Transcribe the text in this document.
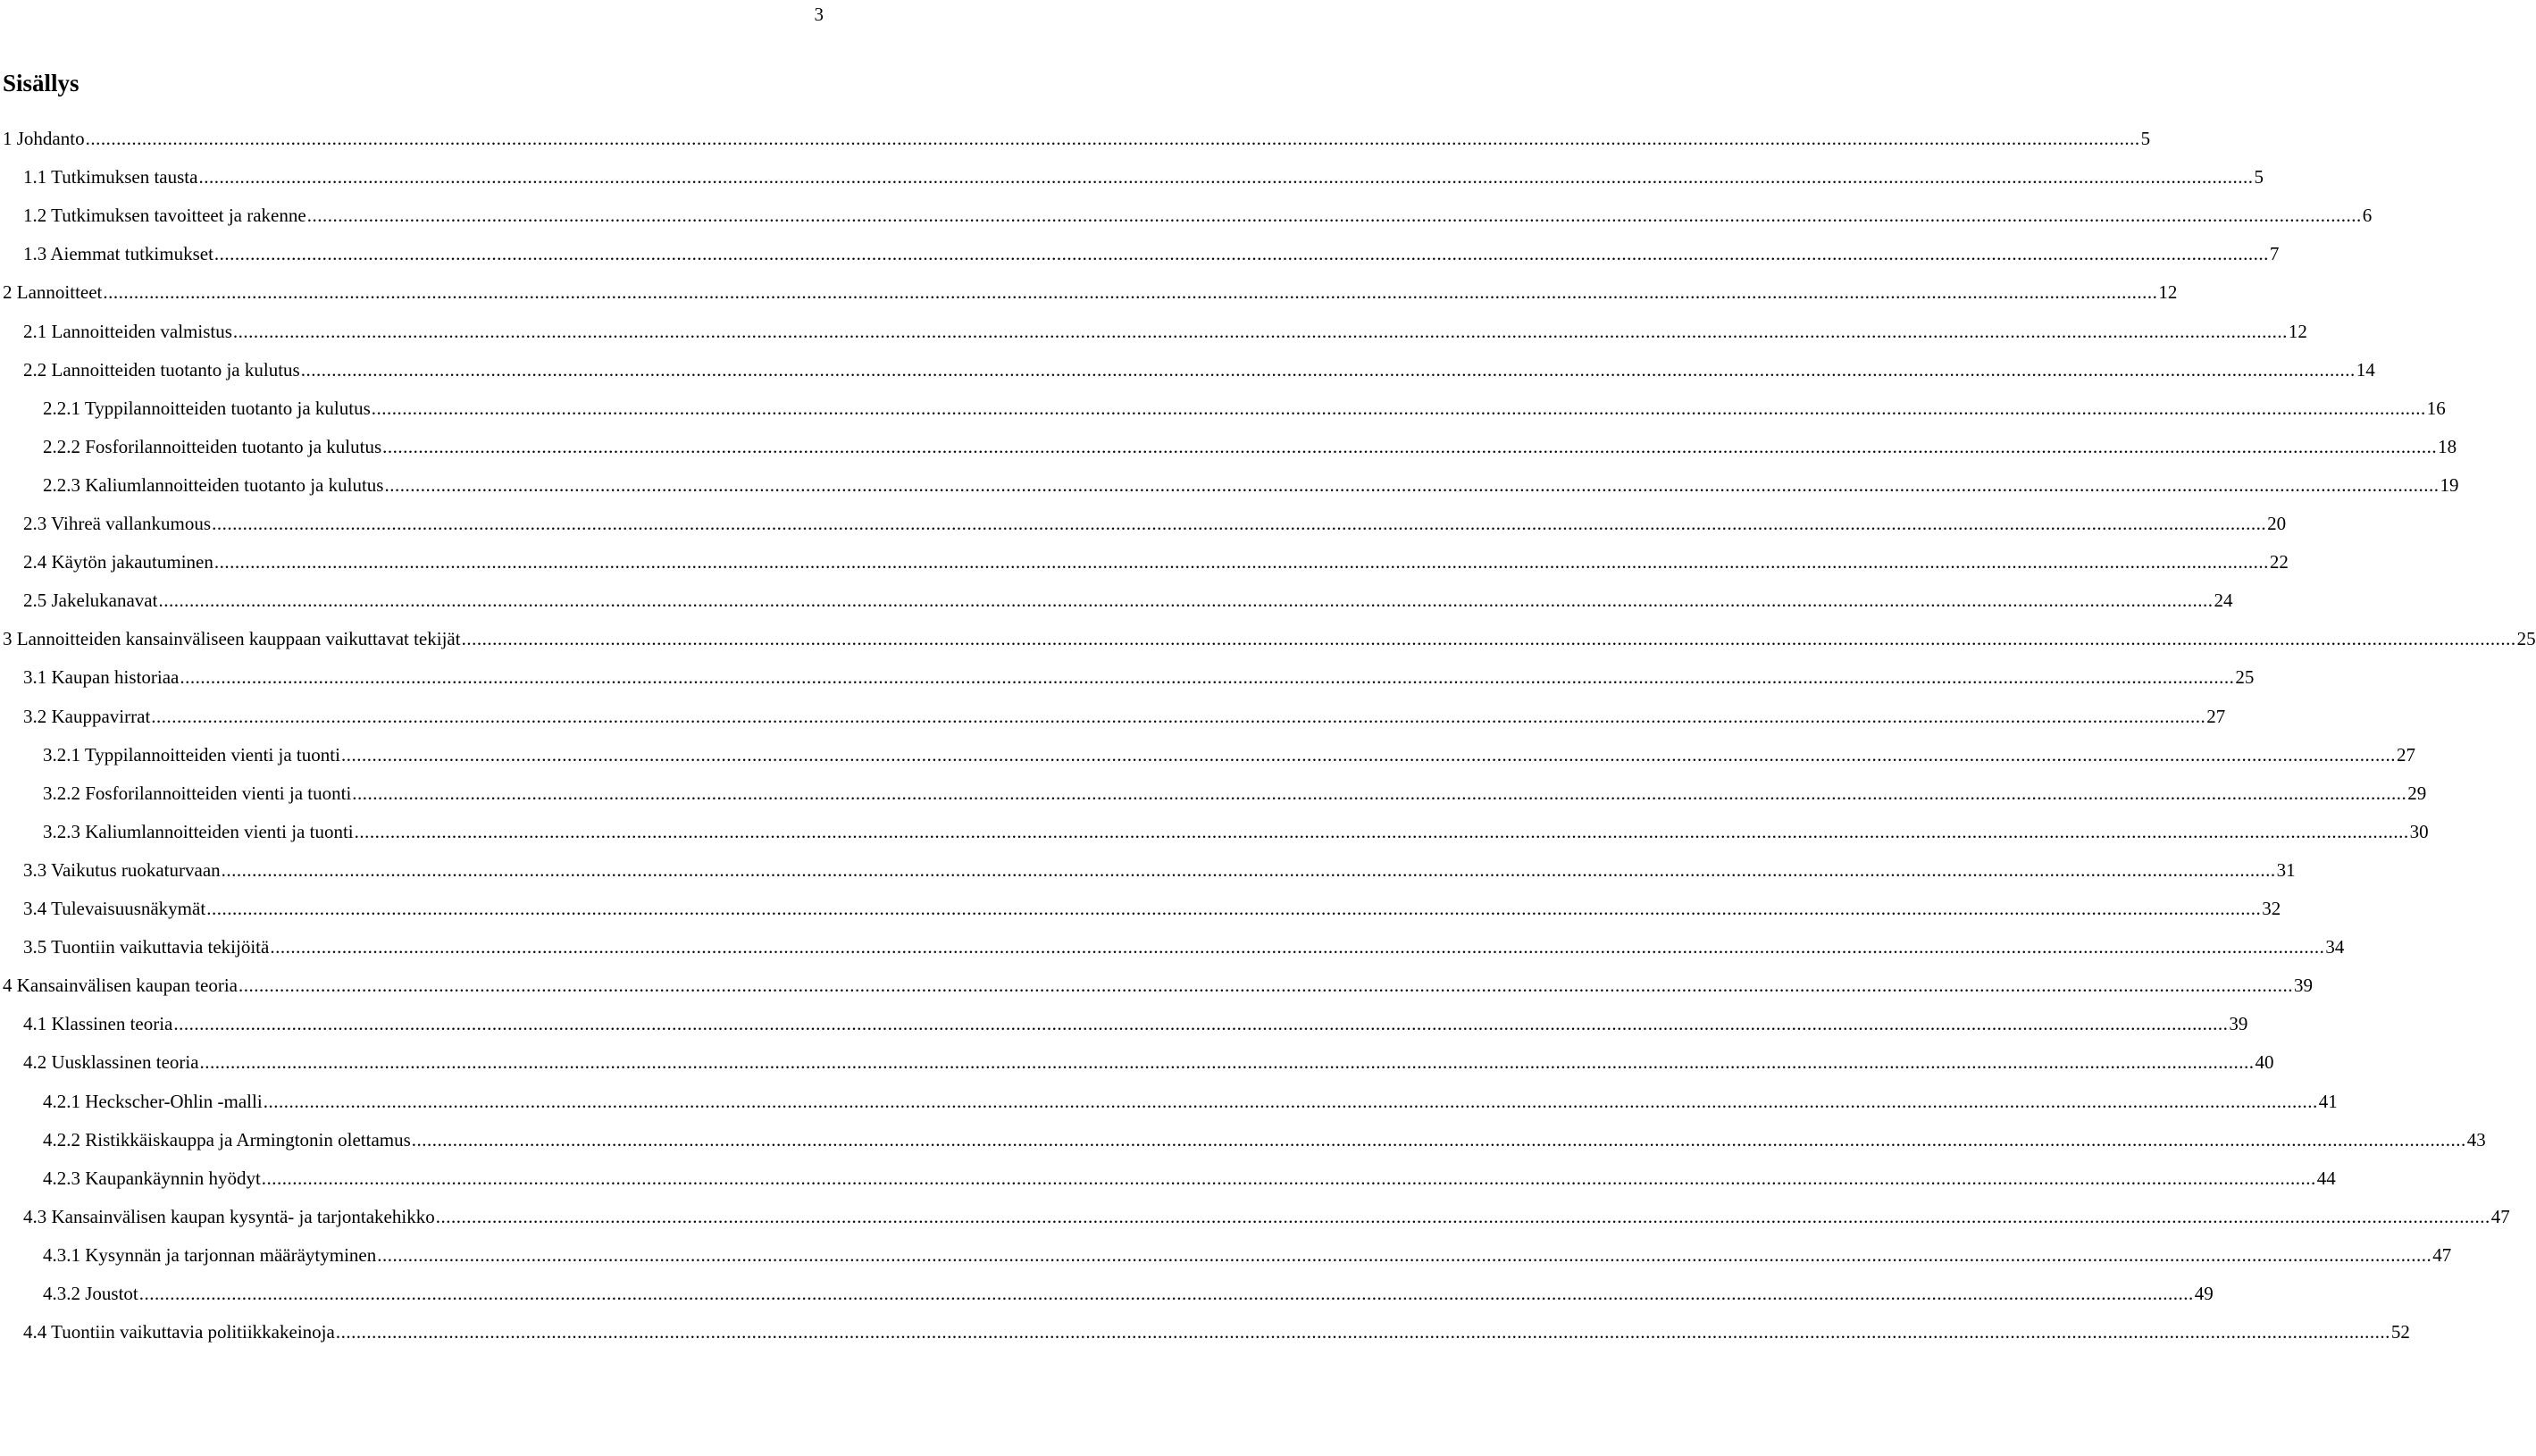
3
Sisällys
1 Johdanto ................................................................................................................................................................................................................................................................................................................................................................................................................ 5
1.1 Tutkimuksen tausta ................................................................................................................................................................................................................................................................................................................................................................................................................ 5
1.2 Tutkimuksen tavoitteet ja rakenne ................................................................................................................................................................................................................................................................................................................................................................................................................ 6
1.3 Aiemmat tutkimukset ................................................................................................................................................................................................................................................................................................................................................................................................................ 7
2 Lannoitteet ................................................................................................................................................................................................................................................................................................................................................................................................................ 12
2.1 Lannoitteiden valmistus ................................................................................................................................................................................................................................................................................................................................................................................................................ 12
2.2 Lannoitteiden tuotanto ja kulutus ................................................................................................................................................................................................................................................................................................................................................................................................................ 14
2.2.1 Typpilannoitteiden tuotanto ja kulutus ................................................................................................................................................................................................................................................................................................................................................................................................................ 16
2.2.2 Fosforilannoitteiden tuotanto ja kulutus ................................................................................................................................................................................................................................................................................................................................................................................................................ 18
2.2.3 Kaliumlannoitteiden tuotanto ja kulutus ................................................................................................................................................................................................................................................................................................................................................................................................................ 19
2.3 Vihreä vallankumous ................................................................................................................................................................................................................................................................................................................................................................................................................ 20
2.4 Käytön jakautuminen ................................................................................................................................................................................................................................................................................................................................................................................................................ 22
2.5 Jakelukanavat ................................................................................................................................................................................................................................................................................................................................................................................................................ 24
3 Lannoitteiden kansainväliseen kauppaan vaikuttavat tekijät ................................................................................................................................................................................................................................................................................................................................................................................................................ 25
3.1 Kaupan historiaa ................................................................................................................................................................................................................................................................................................................................................................................................................ 25
3.2 Kauppavirrat ................................................................................................................................................................................................................................................................................................................................................................................................................ 27
3.2.1 Typpilannoitteiden vienti ja tuonti ................................................................................................................................................................................................................................................................................................................................................................................................................ 27
3.2.2 Fosforilannoitteiden vienti ja tuonti ................................................................................................................................................................................................................................................................................................................................................................................................................ 29
3.2.3 Kaliumlannoitteiden vienti ja tuonti ................................................................................................................................................................................................................................................................................................................................................................................................................ 30
3.3 Vaikutus ruokaturvaan ................................................................................................................................................................................................................................................................................................................................................................................................................ 31
3.4 Tulevaisuusnäkymät ................................................................................................................................................................................................................................................................................................................................................................................................................ 32
3.5 Tuontiin vaikuttavia tekijöitä ................................................................................................................................................................................................................................................................................................................................................................................................................ 34
4 Kansainvälisen kaupan teoria ................................................................................................................................................................................................................................................................................................................................................................................................................ 39
4.1 Klassinen teoria ................................................................................................................................................................................................................................................................................................................................................................................................................ 39
4.2 Uusklassinen teoria ................................................................................................................................................................................................................................................................................................................................................................................................................ 40
4.2.1 Heckscher-Ohlin -malli ................................................................................................................................................................................................................................................................................................................................................................................................................ 41
4.2.2 Ristikkäiskauppa ja Armingtonin olettamus ................................................................................................................................................................................................................................................................................................................................................................................................................ 43
4.2.3 Kaupankäynnin hyödyt ................................................................................................................................................................................................................................................................................................................................................................................................................ 44
4.3 Kansainvälisen kaupan kysyntä- ja tarjontakehikko ................................................................................................................................................................................................................................................................................................................................................................................................................ 47
4.3.1 Kysynnän ja tarjonnan määräytyminen ................................................................................................................................................................................................................................................................................................................................................................................................................ 47
4.3.2 Joustot ................................................................................................................................................................................................................................................................................................................................................................................................................ 49
4.4 Tuontiin vaikuttavia politiikkakeinoja ................................................................................................................................................................................................................................................................................................................................................................................................................ 52
